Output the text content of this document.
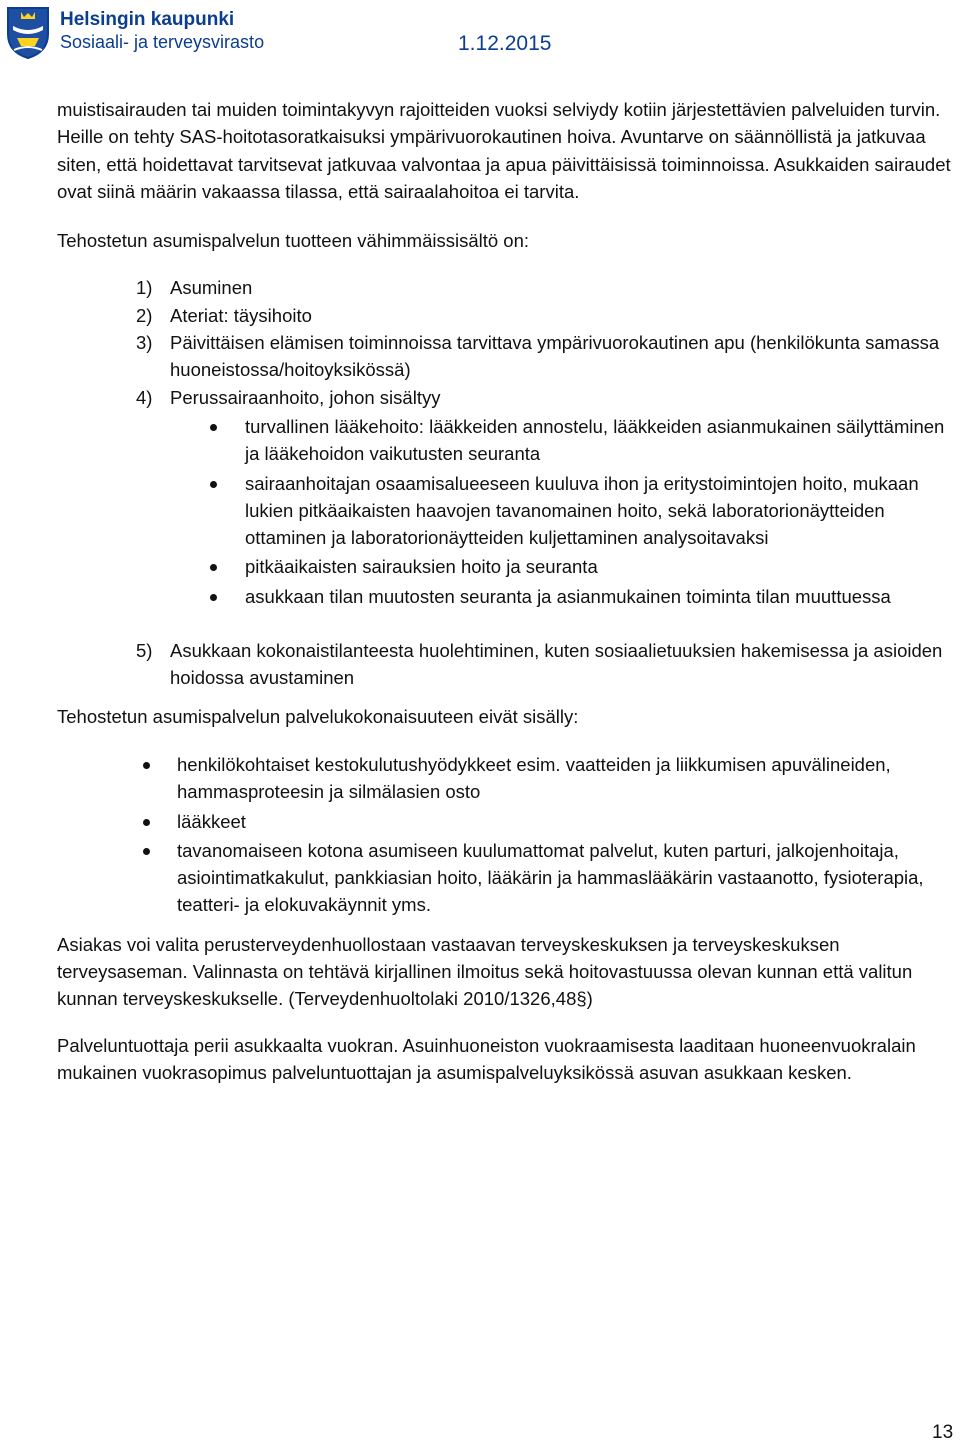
Helsingin kaupunki
Sosiaali- ja terveysvirasto	1.12.2015

muistisairauden tai muiden toimintakyvyn rajoitteiden vuoksi selviydy kotiin järjestettävien palveluiden turvin. Heille on tehty SAS-hoitotasoratkaisuksi ympärivuorokautinen hoiva. Avuntarve on säännöllistä ja jatkuvaa siten, että hoidettavat tarvitsevat jatkuvaa valvontaa ja apua päivittäisissä toiminnoissa. Asukkaiden sairaudet ovat siinä määrin vakaassa tilassa, että sairaalahoitoa ei tarvita.

Tehostetun asumispalvelun tuotteen vähimmäissisältö on:

1) Asuminen
2) Ateriat: täysihoito
3) Päivittäisen elämisen toiminnoissa tarvittava ympärivuorokautinen apu (henkilökunta samassa huoneistossa/hoitoyksikössä)
4) Perussairaanhoito, johon sisältyy
turvallinen lääkehoito: lääkkeiden annostelu, lääkkeiden asianmukainen säilyttäminen ja lääkehoidon vaikutusten seuranta
sairaanhoitajan osaamisalueeseen kuuluva ihon ja eritystoimintojen hoito, mukaan lukien pitkäaikaisten haavojen tavanomainen hoito, sekä laboratorionäytteiden ottaminen ja laboratorionäytteiden kuljettaminen analysoitavaksi
pitkäaikaisten sairauksien hoito ja seuranta
asukkaan tilan muutosten seuranta ja asianmukainen toiminta tilan muuttuessa
5) Asukkaan kokonaistilanteesta huolehtiminen, kuten sosiaalietuuksien hakemisessa ja asioiden hoidossa avustaminen

Tehostetun asumispalvelun palvelukokonaisuuteen eivät sisälly:

henkilökohtaiset kestokulutushyödykkeet esim. vaatteiden ja liikkumisen apuvälineiden, hammasproteesin ja silmälasien osto
lääkkeet
tavanomaiseen kotona asumiseen kuulumattomat palvelut, kuten parturi, jalkojenhoitaja, asiointimatkakulut, pankkiasian hoito, lääkärin ja hammaslääkärin vastaanotto, fysioterapia, teatteri- ja elokuvakäynnit yms.

Asiakas voi valita perusterveydenhuollostaan vastaavan terveyskeskuksen ja terveyskeskuksen terveysaseman. Valinnasta on tehtävä kirjallinen ilmoitus sekä hoitovastuussa olevan kunnan että valitun kunnan terveyskeskukselle. (Terveydenhuoltolaki 2010/1326,48§)

Palveluntuottaja perii asukkaalta vuokran. Asuinhuoneiston vuokraamisesta laaditaan huoneenvuokralain mukainen vuokrasopimus palveluntuottajan ja asumispalveluyksikössä asuvan asukkaan kesken.

13
